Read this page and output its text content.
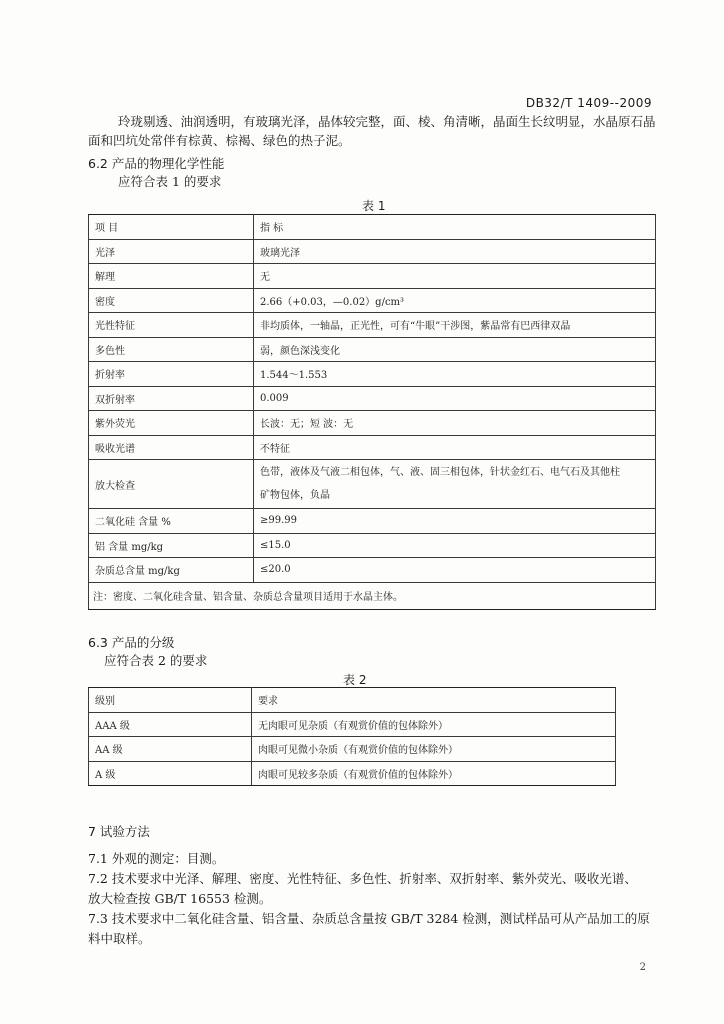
DB32/T 1409--2009
玲珑剔透、油润透明，有玻璃光泽，晶体较完整，面、棱、角清晰，晶面生长纹明显，水晶原石晶
面和凹坑处常伴有棕黄、棕褐、绿色的热子泥。
6.2 产品的物理化学性能
应符合表 1 的要求
表 1
项 目	指 标
光泽	玻璃光泽
解理	无
密度	2.66（+0.03，—0.02）g/cm³
光性特征	非均质体，一轴晶，正光性，可有“牛眼”干涉图，紫晶常有巴西律双晶
多色性	弱，颜色深浅变化
折射率	1.544～1.553
双折射率	0.009
紫外荧光	长波：无；短 波：无
吸收光谱	不特征
放大检查	色带，液体及气液二相包体，气、液、固三相包体，针状金红石、电气石及其他柱
矿物包体，负晶

二氧化硅 含量 %	≥99.99
铝 含量 mg/kg	≤15.0
杂质总含量 mg/kg	≤20.0
注：密度、二氧化硅含量、铝含量、杂质总含量项目适用于水晶主体。	
6.3 产品的分级
应符合表 2 的要求
表 2
级别	要求
AAA 级	无肉眼可见杂质（有观赏价值的包体除外）
AA 级	肉眼可见微小杂质（有观赏价值的包体除外）
A 级	肉眼可见较多杂质（有观赏价值的包体除外）
7 试验方法
7.1 外观的测定：目测。
7.2 技术要求中光泽、解理、密度、光性特征、多色性、折射率、双折射率、紫外荧光、吸收光谱、
放大检查按 GB/T 16553 检测。
7.3 技术要求中二氧化硅含量、铝含量、杂质总含量按 GB/T 3284 检测，测试样品可从产品加工的原
料中取样。
2
